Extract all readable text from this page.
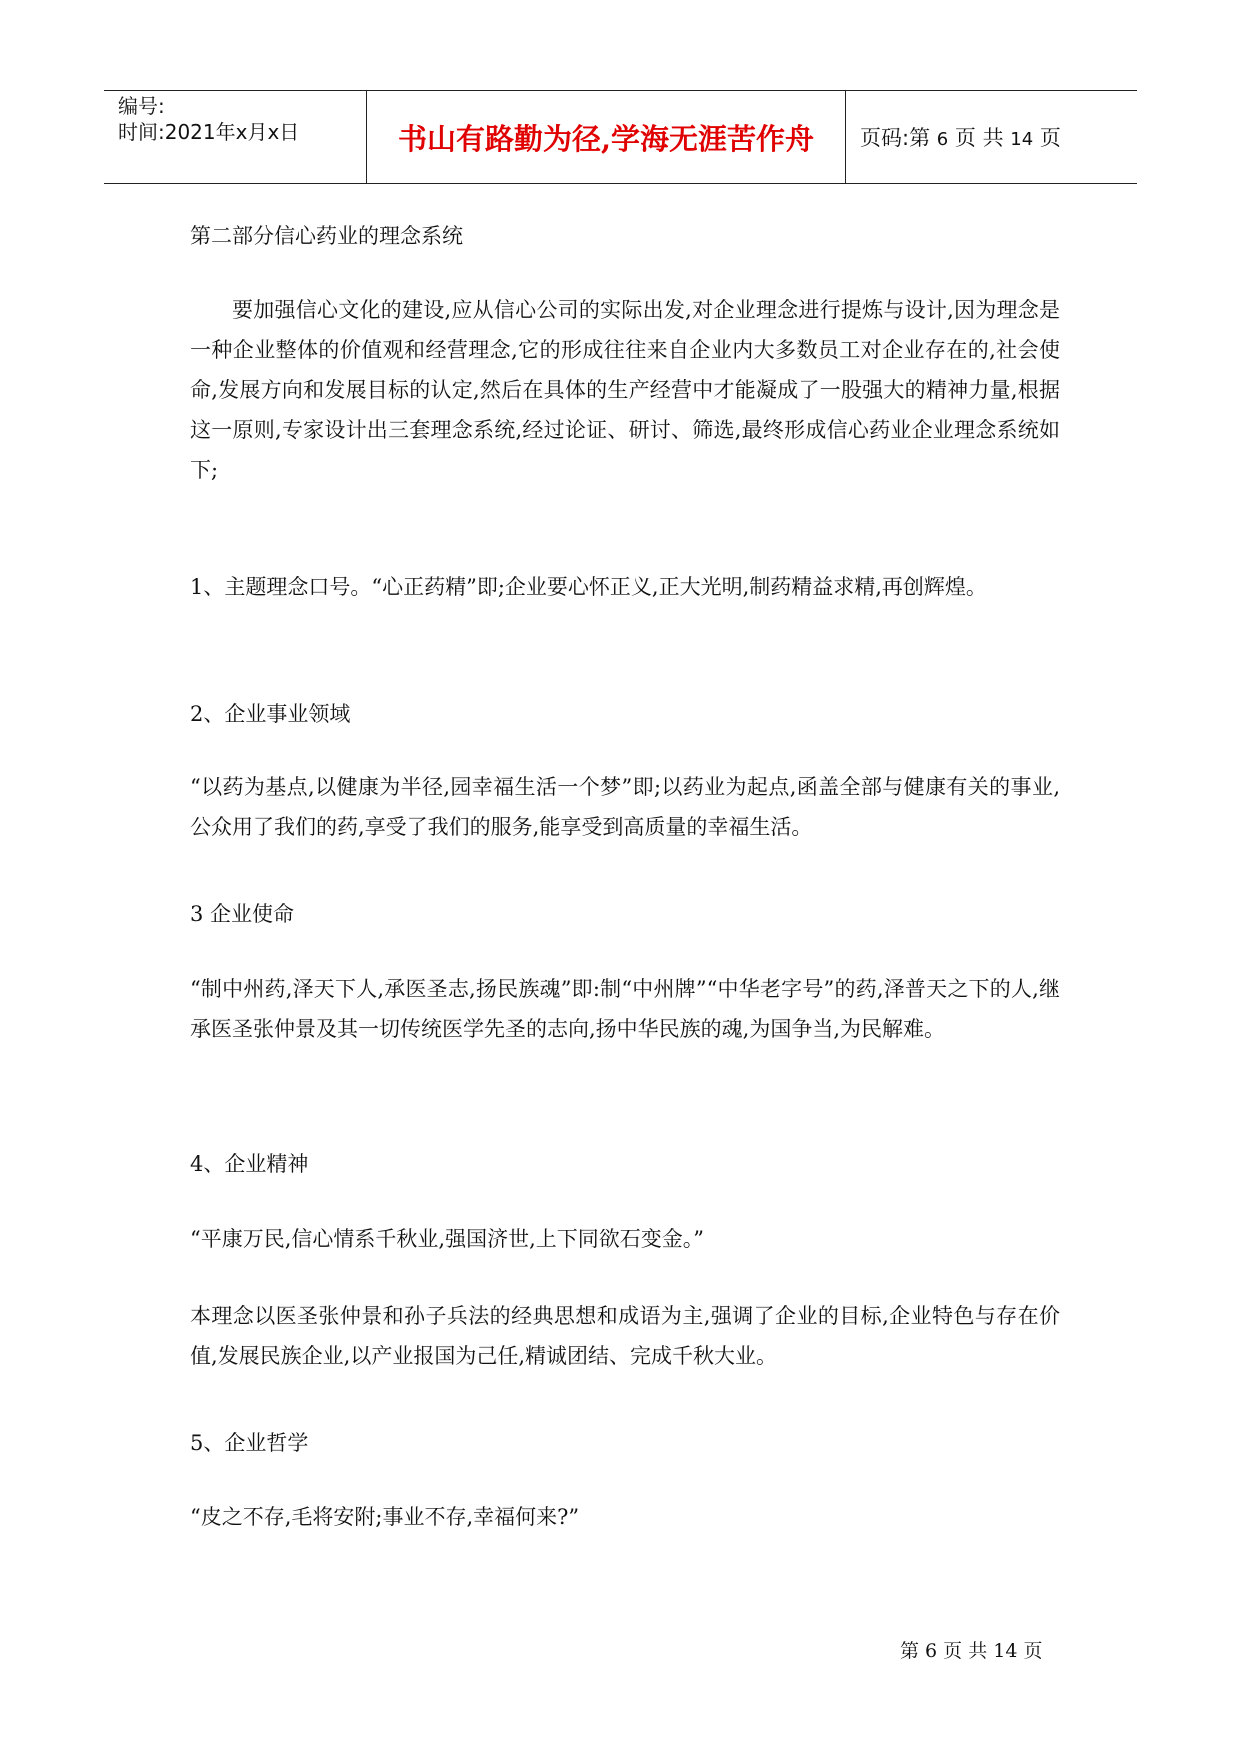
编号:
时间:2021年x月x日	书山有路勤为径,学海无涯苦作舟 页码:第 6 页 共 14 页

第二部分信心药业的理念系统

要加强信心文化的建设,应从信心公司的实际出发,对企业理念进行提炼与设计,因为理念是一种企业整体的价值观和经营理念,它的形成往往来自企业内大多数员工对企业存在的,社会使命,发展方向和发展目标的认定,然后在具体的生产经营中才能凝成了一股强大的精神力量,根据这一原则,专家设计出三套理念系统,经过论证、研讨、筛选,最终形成信心药业企业理念系统如下;

1、主题理念口号。“心正药精”即;企业要心怀正义,正大光明,制药精益求精,再创辉煌。

2、企业事业领域

“以药为基点,以健康为半径,园幸福生活一个梦”即;以药业为起点,函盖全部与健康有关的事业,公众用了我们的药,享受了我们的服务,能享受到高质量的幸福生活。

3 企业使命

“制中州药,泽天下人,承医圣志,扬民族魂”即:制“中州牌”“中华老字号”的药,泽普天之下的人,继承医圣张仲景及其一切传统医学先圣的志向,扬中华民族的魂,为国争当,为民解难。

4、企业精神

“平康万民,信心情系千秋业,强国济世,上下同欲石变金。”

本理念以医圣张仲景和孙子兵法的经典思想和成语为主,强调了企业的目标,企业特色与存在价值,发展民族企业,以产业报国为己任,精诚团结、完成千秋大业。

5、企业哲学

“皮之不存,毛将安附;事业不存,幸福何来?”

第 6 页 共 14 页
